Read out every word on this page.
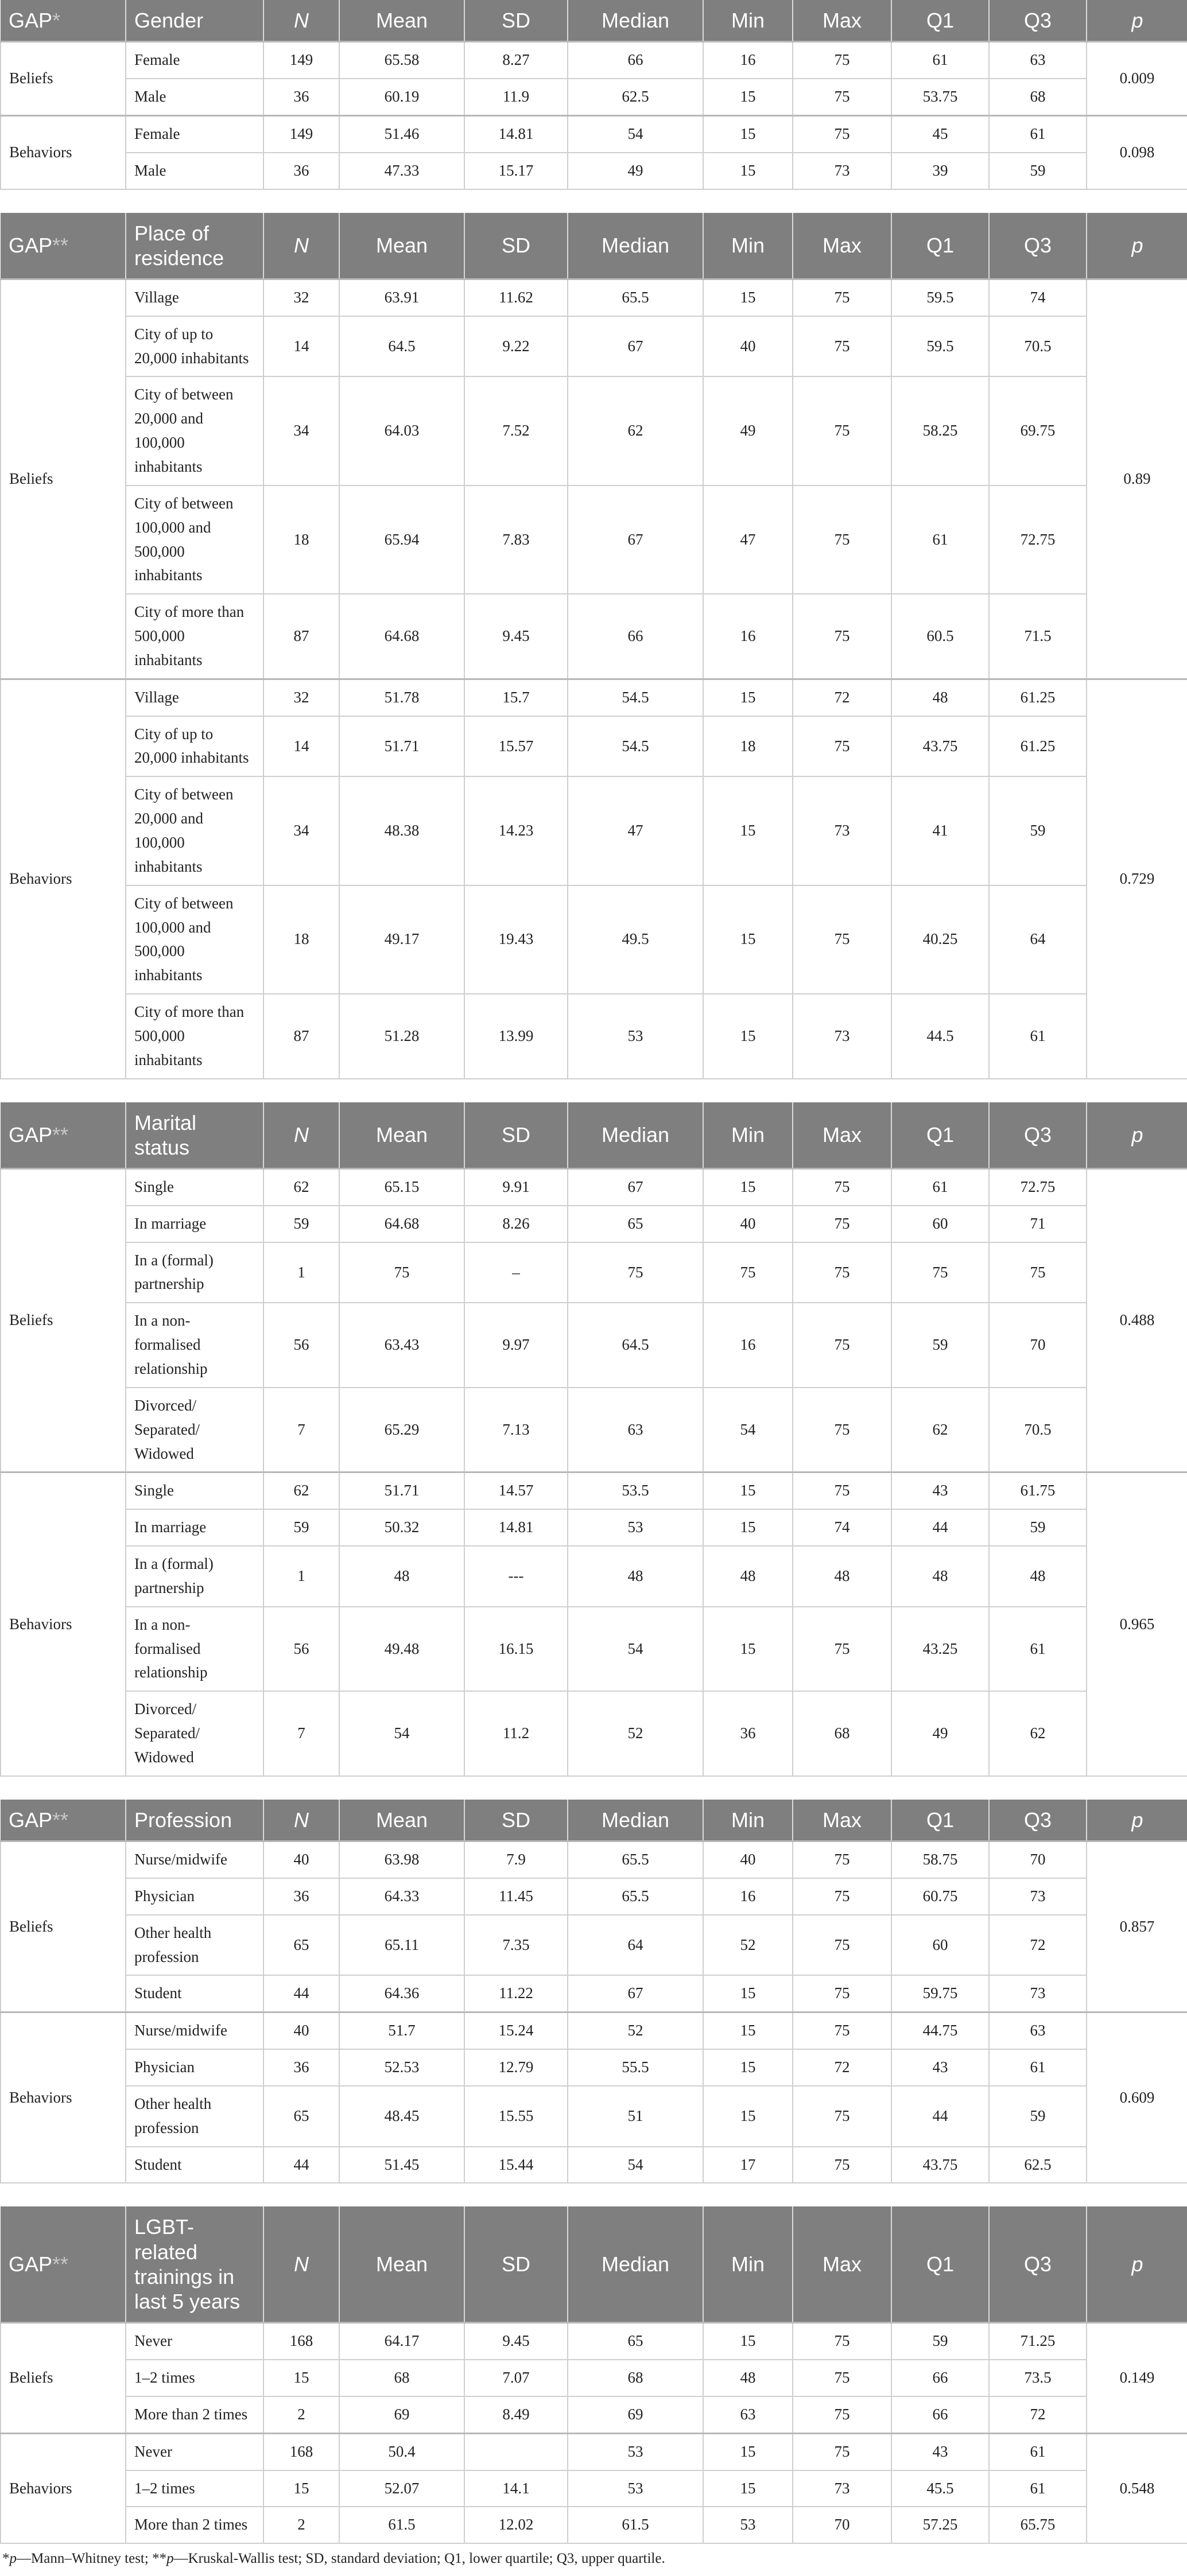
GAP*	Gender	N	Mean	SD	Median	Min	Max	Q1	Q3	p
Beliefs	Female	149	65.58	8.27	66	16	75	61	63	0.009
	Male	36	60.19	11.9	62.5	15	75	53.75	68	
Behaviors	Female	149	51.46	14.81	54	15	75	45	61	0.098
	Male	36	47.33	15.17	49	15	73	39	59	
GAP**	Place of residence	N	Mean	SD	Median	Min	Max	Q1	Q3	p
Beliefs	Village	32	63.91	11.62	65.5	15	75	59.5	74	0.89
	City of up to 20,000 inhabitants	14	64.5	9.22	67	40	75	59.5	70.5	
	City of between 20,000 and 100,000 inhabitants	34	64.03	7.52	62	49	75	58.25	69.75	
	City of between 100,000 and 500,000 inhabitants	18	65.94	7.83	67	47	75	61	72.75	
	City of more than 500,000 inhabitants	87	64.68	9.45	66	16	75	60.5	71.5	
Behaviors	Village	32	51.78	15.7	54.5	15	72	48	61.25	0.729
	City of up to 20,000 inhabitants	14	51.71	15.57	54.5	18	75	43.75	61.25	
	City of between 20,000 and 100,000 inhabitants	34	48.38	14.23	47	15	73	41	59	
	City of between 100,000 and 500,000 inhabitants	18	49.17	19.43	49.5	15	75	40.25	64	
	City of more than 500,000 inhabitants	87	51.28	13.99	53	15	73	44.5	61	
GAP**	Marital status	N	Mean	SD	Median	Min	Max	Q1	Q3	p
Beliefs	Single	62	65.15	9.91	67	15	75	61	72.75	0.488
	In marriage	59	64.68	8.26	65	40	75	60	71	
	In a (formal) partnership	1	75	–	75	75	75	75	75	
	In a non-formalised relationship	56	63.43	9.97	64.5	16	75	59	70	
	Divorced/ Separated/ Widowed	7	65.29	7.13	63	54	75	62	70.5	
Behaviors	Single	62	51.71	14.57	53.5	15	75	43	61.75	0.965
	In marriage	59	50.32	14.81	53	15	74	44	59	
	In a (formal) partnership	1	48	---	48	48	48	48	48	
	In a non-formalised relationship	56	49.48	16.15	54	15	75	43.25	61	
	Divorced/ Separated/ Widowed	7	54	11.2	52	36	68	49	62	
GAP**	Profession	N	Mean	SD	Median	Min	Max	Q1	Q3	p
Beliefs	Nurse/midwife	40	63.98	7.9	65.5	40	75	58.75	70	0.857
	Physician	36	64.33	11.45	65.5	16	75	60.75	73	
	Other health profession	65	65.11	7.35	64	52	75	60	72	
	Student	44	64.36	11.22	67	15	75	59.75	73	
Behaviors	Nurse/midwife	40	51.7	15.24	52	15	75	44.75	63	0.609
	Physician	36	52.53	12.79	55.5	15	72	43	61	
	Other health profession	65	48.45	15.55	51	15	75	44	59	
	Student	44	51.45	15.44	54	17	75	43.75	62.5	
GAP**	LGBT-related trainings in last 5 years	N	Mean	SD	Median	Min	Max	Q1	Q3	p
Beliefs	Never	168	64.17	9.45	65	15	75	59	71.25	0.149
	1–2 times	15	68	7.07	68	48	75	66	73.5	
	More than 2 times	2	69	8.49	69	63	75	66	72	
Behaviors	Never	168	50.4		53	15	75	43	61	0.548
	1–2 times	15	52.07	14.1	53	15	73	45.5	61	
	More than 2 times	2	61.5	12.02	61.5	53	70	57.25	65.75	
*p—Mann–Whitney test; **p—Kruskal-Wallis test; SD, standard deviation; Q1, lower quartile; Q3, upper quartile.
